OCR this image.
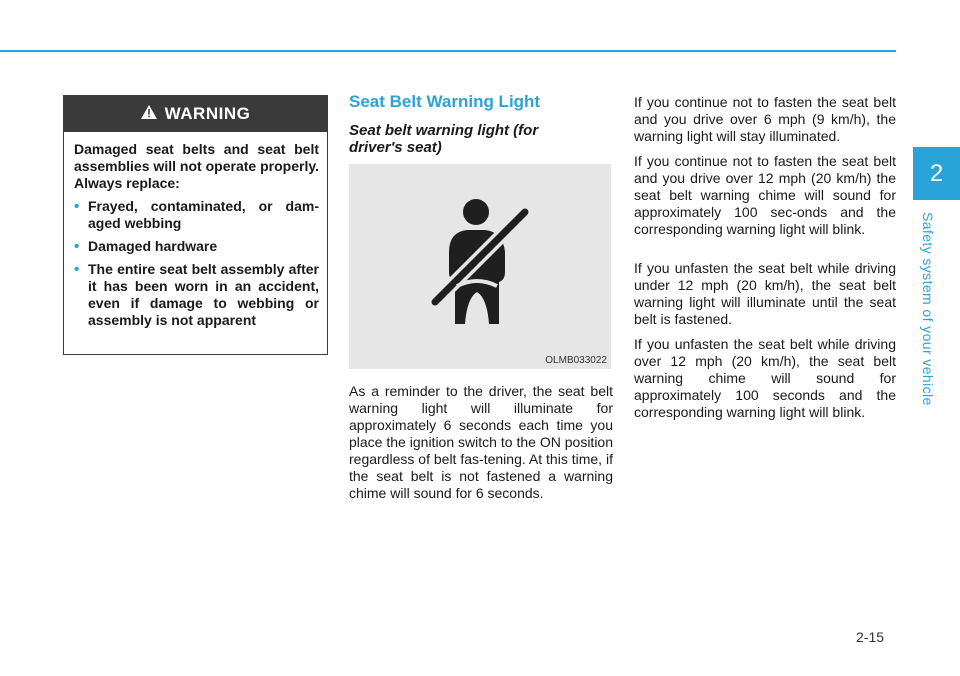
2
Safety system of your vehicle
WARNING

Damaged seat belts and seat belt assemblies will not operate properly. Always replace:

• Frayed, contaminated, or dam-aged webbing
• Damaged hardware
• The entire seat belt assembly after it has been worn in an accident, even if damage to webbing or assembly is not apparent
Seat Belt Warning Light
Seat belt warning light (for driver's seat)
OLMB033022

As a reminder to the driver, the seat belt warning light will illuminate for approximately 6 seconds each time you place the ignition switch to the ON position regardless of belt fas-tening. At this time, if the seat belt is not fastened a warning chime will sound for 6 seconds.

If you continue not to fasten the seat belt and you drive over 6 mph (9 km/h), the warning light will stay illuminated.

If you continue not to fasten the seat belt and you drive over 12 mph (20 km/h) the seat belt warning chime will sound for approximately 100 sec-onds and the corresponding warning light will blink.

If you unfasten the seat belt while driving under 12 mph (20 km/h), the seat belt warning light will illuminate until the seat belt is fastened.

If you unfasten the seat belt while driving over 12 mph (20 km/h), the seat belt warning chime will sound for approximately 100 seconds and the corresponding warning light will blink.

2-15
